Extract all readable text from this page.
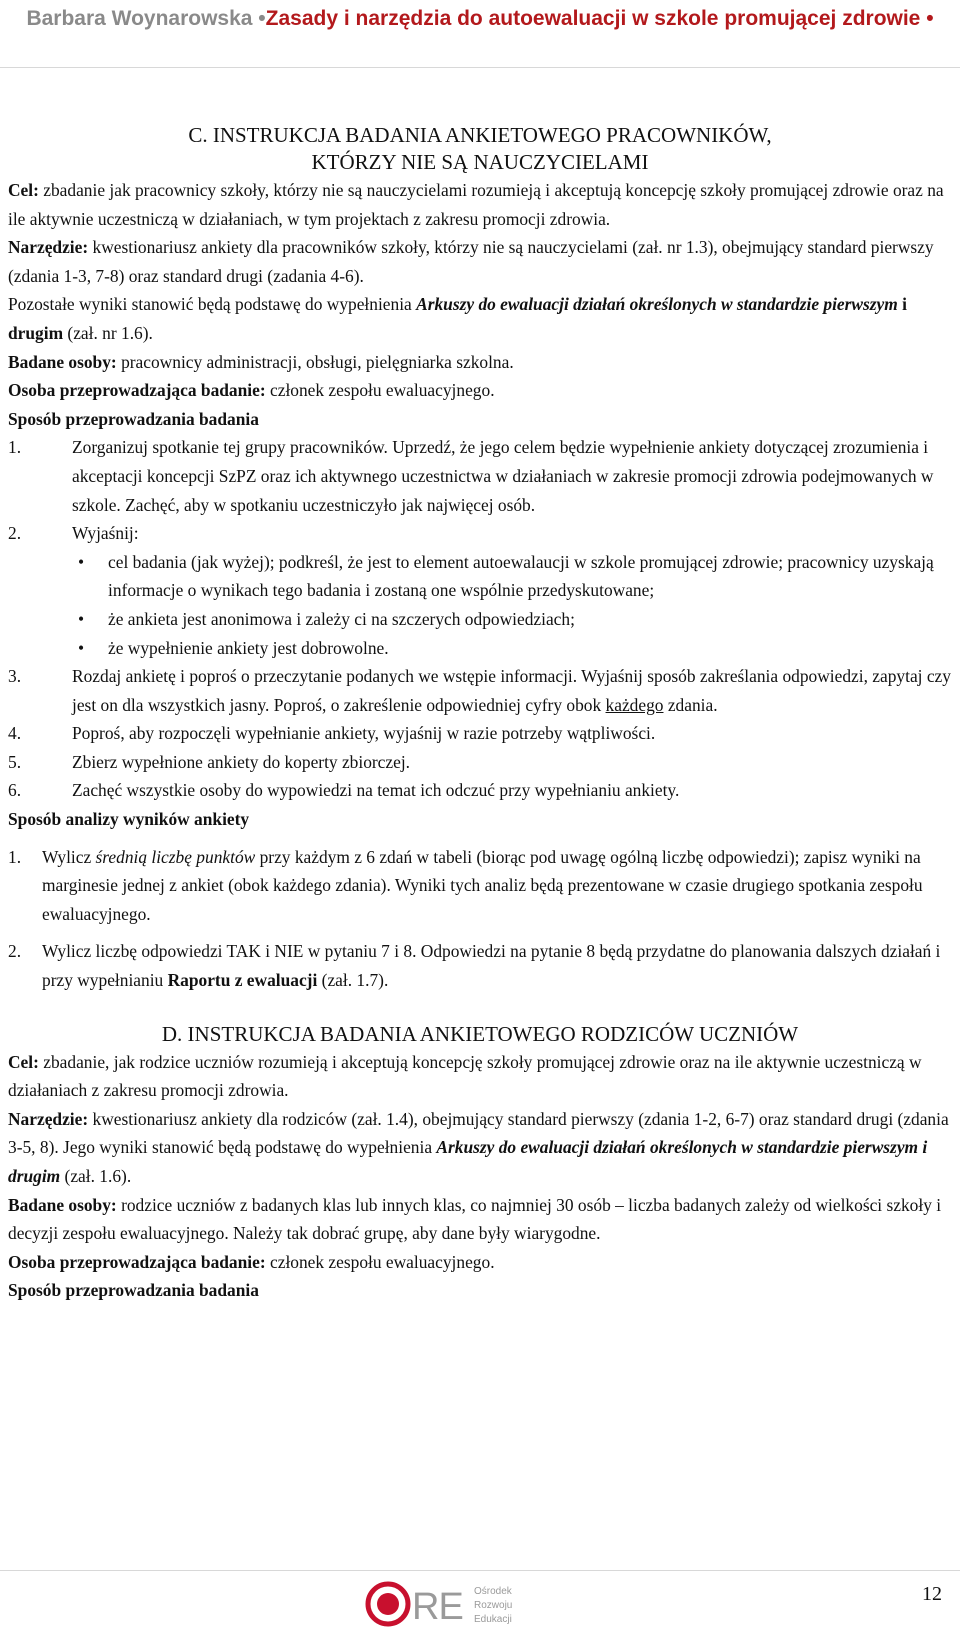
Barbara Woynarowska •Zasady i narzędzia do autoewaluacji w szkole promującej zdrowie •
C. INSTRUKCJA BADANIA ANKIETOWEGO PRACOWNIKÓW,
KTÓRZY NIE SĄ NAUCZYCIELAMI

Cel: zbadanie jak pracownicy szkoły, którzy nie są nauczycielami rozumieją i akceptują koncepcję szkoły promującej zdrowie oraz na ile aktywnie uczestniczą w działaniach, w tym projektach z zakresu promocji zdrowia.

Narzędzie: kwestionariusz ankiety dla pracowników szkoły, którzy nie są nauczycielami (zał. nr 1.3), obejmujący standard pierwszy (zdania 1-3, 7-8) oraz standard drugi (zadania 4-6).

Pozostałe wyniki stanowić będą podstawę do wypełnienia Arkuszy do ewaluacji działań określonych w standardzie pierwszym i drugim (zał. nr 1.6).

Badane osoby: pracownicy administracji, obsługi, pielęgniarka szkolna.

Osoba przeprowadzająca badanie: członek zespołu ewaluacyjnego.

Sposób przeprowadzania badania

1.	Zorganizuj spotkanie tej grupy pracowników. Uprzedź, że jego celem będzie wypełnienie ankiety dotyczącej zrozumienia i akceptacji koncepcji SzPZ oraz ich aktywnego uczestnictwa w działaniach w zakresie promocji zdrowia podejmowanych w szkole. Zachęć, aby w spotkaniu uczestniczyło jak najwięcej osób.
2.	Wyjaśnij:
•	cel badania (jak wyżej); podkreśl, że jest to element autoewalaucji w szkole promującej zdrowie; pracownicy uzyskają informacje o wynikach tego badania i zostaną one wspólnie przedyskutowane;
•	że ankieta jest anonimowa i zależy ci na szczerych odpowiedziach;
•	że wypełnienie ankiety jest dobrowolne.
3.	Rozdaj ankietę i poproś o przeczytanie podanych we wstępie informacji. Wyjaśnij sposób zakreślania odpowiedzi, zapytaj czy jest on dla wszystkich jasny. Poproś, o zakreślenie odpowiedniej cyfry obok każdego zdania.
4.	Poproś, aby rozpoczęli wypełnianie ankiety, wyjaśnij w razie potrzeby wątpliwości.
5.	Zbierz wypełnione ankiety do koperty zbiorczej.
6.	Zachęć wszystkie osoby do wypowiedzi na temat ich odczuć przy wypełnianiu ankiety.

Sposób analizy wyników ankiety

1.	Wylicz średnią liczbę punktów przy każdym z 6 zdań w tabeli (biorąc pod uwagę ogólną liczbę odpowiedzi); zapisz wyniki na marginesie jednej z ankiet (obok każdego zdania). Wyniki tych analiz będą prezentowane w czasie drugiego spotkania zespołu ewaluacyjnego.
2.	Wylicz liczbę odpowiedzi TAK i NIE w pytaniu 7 i 8. Odpowiedzi na pytanie 8 będą przydatne do planowania dalszych działań i przy wypełnianiu Raportu z ewaluacji (zał. 1.7).
D. INSTRUKCJA BADANIA ANKIETOWEGO RODZICÓW UCZNIÓW

Cel: zbadanie, jak rodzice uczniów rozumieją i akceptują koncepcję szkoły promującej zdrowie oraz na ile aktywnie uczestniczą w działaniach z zakresu promocji zdrowia.

Narzędzie: kwestionariusz ankiety dla rodziców (zał. 1.4), obejmujący standard pierwszy (zdania 1-2, 6-7) oraz standard drugi (zdania 3-5, 8). Jego wyniki stanowić będą podstawę do wypełnienia Arkuszy do ewaluacji działań określonych w standardzie pierwszym i drugim (zał. 1.6).

Badane osoby: rodzice uczniów z badanych klas lub innych klas, co najmniej 30 osób – liczba badanych zależy od wielkości szkoły i decyzji zespołu ewaluacyjnego. Należy tak dobrać grupę, aby dane były wiarygodne.

Osoba przeprowadzająca badanie: członek zespołu ewaluacyjnego.

Sposób przeprowadzania badania

RE Ośrodek
Rozwoju
Edukacji
12
